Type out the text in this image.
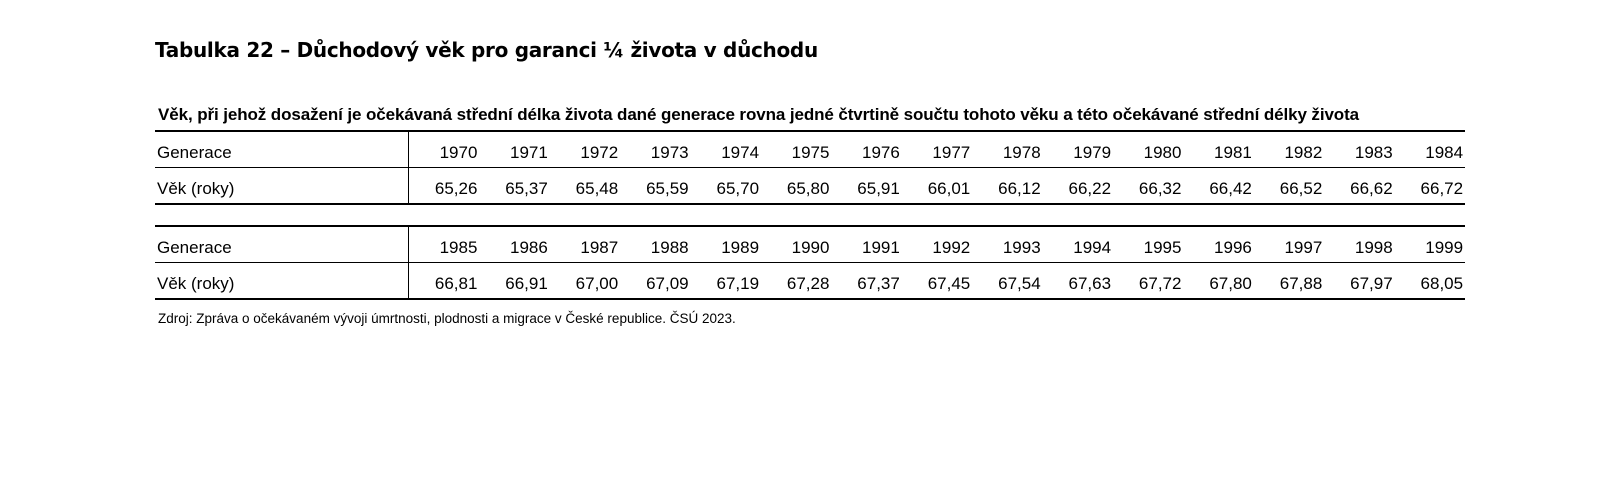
Tabulka 22 – Důchodový věk pro garanci ¼ života v důchodu
Věk, při jehož dosažení je očekávaná střední délka života dané generace rovna jedné čtvrtině součtu tohoto věku a této očekávané střední délky života
Generace	1970	1971	1972	1973	1974	1975	1976	1977	1978	1979	1980	1981	1982	1983	1984
Věk (roky)	65,26	65,37	65,48	65,59	65,70	65,80	65,91	66,01	66,12	66,22	66,32	66,42	66,52	66,62	66,72
Generace	1985	1986	1987	1988	1989	1990	1991	1992	1993	1994	1995	1996	1997	1998	1999
Věk (roky)	66,81	66,91	67,00	67,09	67,19	67,28	67,37	67,45	67,54	67,63	67,72	67,80	67,88	67,97	68,05
Zdroj: Zpráva o očekávaném vývoji úmrtnosti, plodnosti a migrace v České republice. ČSÚ 2023.
